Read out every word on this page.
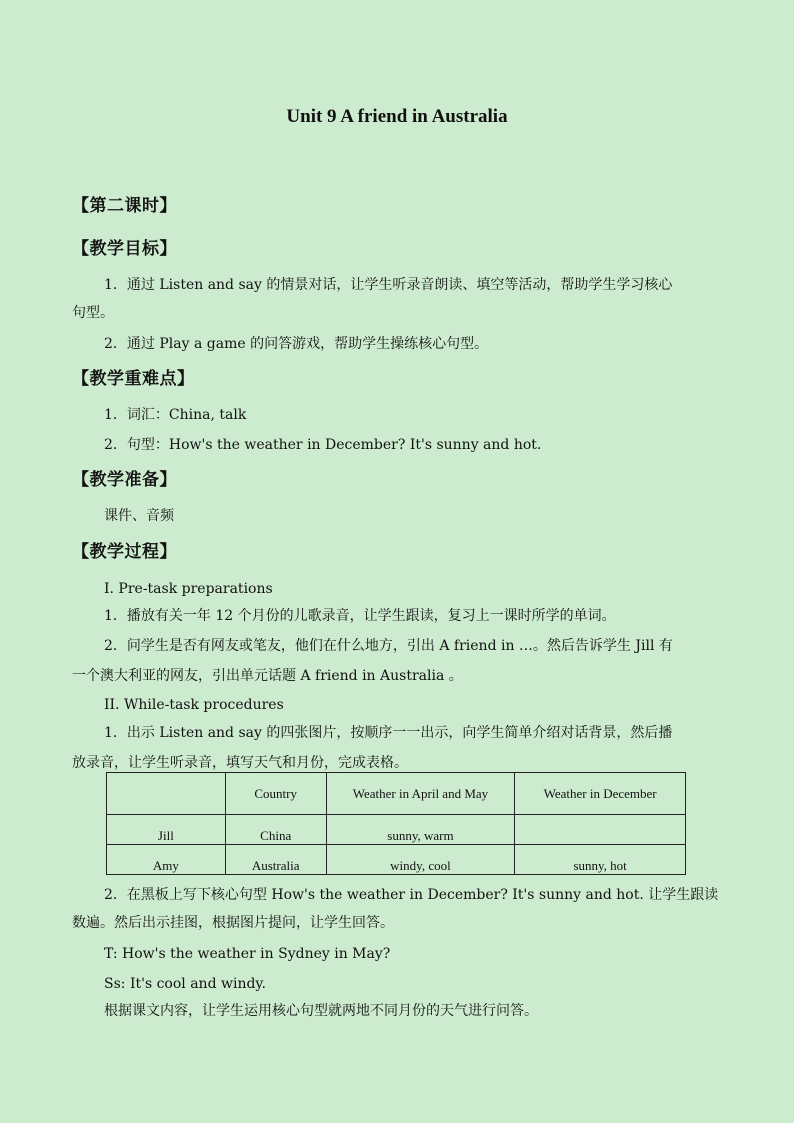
Unit 9 A friend in Australia
【第二课时】
【教学目标】
1．通过 Listen and say 的情景对话，让学生听录音朗读、填空等活动，帮助学生学习核心
句型。
2．通过 Play a game 的问答游戏，帮助学生操练核心句型。
【教学重难点】
1．词汇：China, talk
2．句型：How's the weather in December? It's sunny and hot.
【教学准备】
课件、音频
【教学过程】
I. Pre-task preparations
1．播放有关一年 12 个月份的儿歌录音，让学生跟读，复习上一课时所学的单词。
2．问学生是否有网友或笔友，他们在什么地方，引出 A friend in …。然后告诉学生 Jill 有
一个澳大利亚的网友，引出单元话题 A friend in Australia 。
II. While-task procedures
1．出示 Listen and say 的四张图片，按顺序一一出示，向学生简单介绍对话背景，然后播
放录音，让学生听录音，填写天气和月份，完成表格。
	Country	Weather in April and May	Weather in December
Jill	China	sunny, warm	
Amy	Australia	windy, cool	sunny, hot
2．在黑板上写下核心句型 How's the weather in December? It's sunny and hot. 让学生跟读
数遍。然后出示挂图，根据图片提问，让学生回答。
T: How's the weather in Sydney in May?
Ss: It's cool and windy.
根据课文内容，让学生运用核心句型就两地不同月份的天气进行问答。
